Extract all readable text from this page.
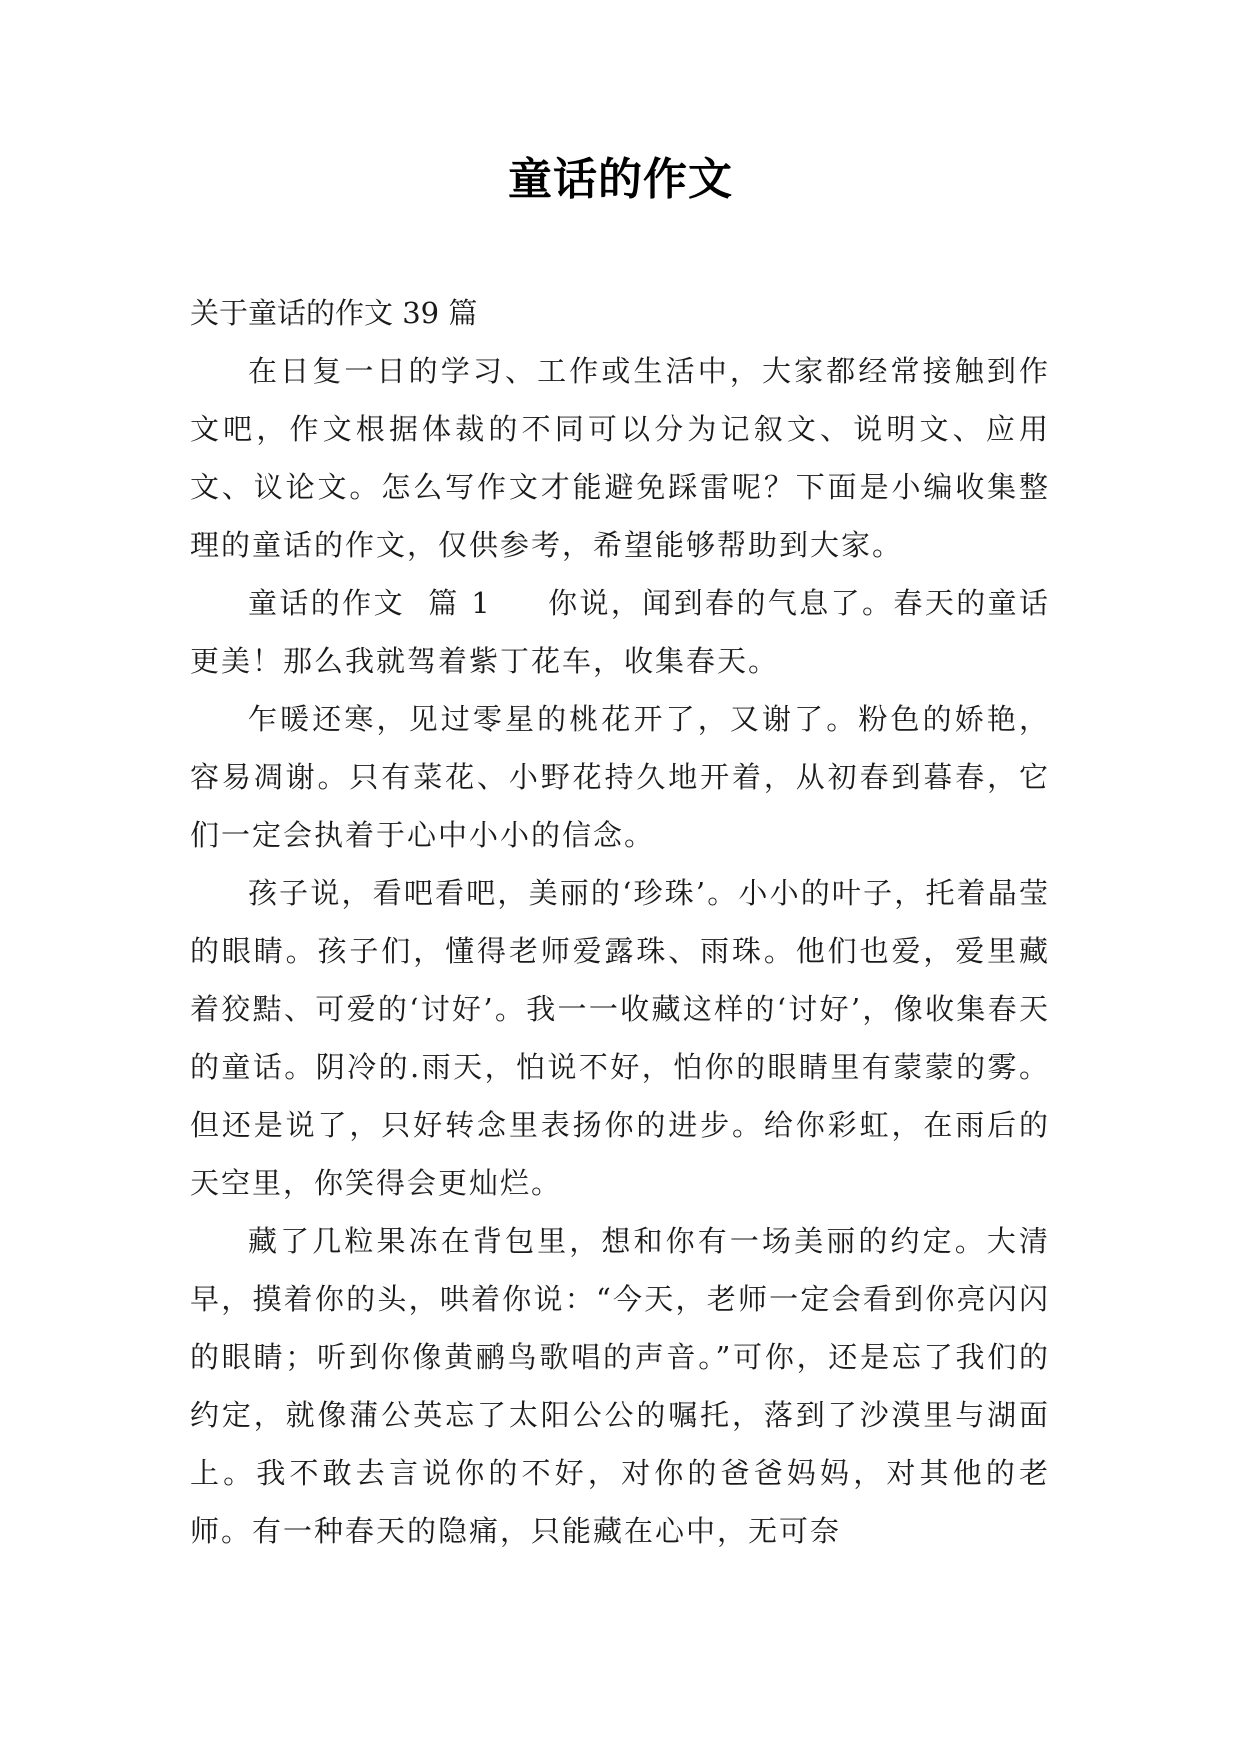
童话的作文

关于童话的作文 39 篇

在日复一日的学习、工作或生活中，大家都经常接触到作文吧，作文根据体裁的不同可以分为记叙文、说明文、应用文、议论文。怎么写作文才能避免踩雷呢？下面是小编收集整理的童话的作文，仅供参考，希望能够帮助到大家。

童话的作文 篇 1 你说，闻到春的气息了。春天的童话更美！那么我就驾着紫丁花车，收集春天。

乍暖还寒，见过零星的桃花开了，又谢了。粉色的娇艳，容易凋谢。只有菜花、小野花持久地开着，从初春到暮春，它们一定会执着于心中小小的信念。

孩子说，看吧看吧，美丽的‘珍珠’。小小的叶子，托着晶莹的眼睛。孩子们，懂得老师爱露珠、雨珠。他们也爱，爱里藏着狡黠、可爱的‘讨好’。我一一收藏这样的‘讨好’，像收集春天的童话。阴冷的.雨天，怕说不好，怕你的眼睛里有蒙蒙的雾。但还是说了，只好转念里表扬你的进步。给你彩虹，在雨后的天空里，你笑得会更灿烂。

藏了几粒果冻在背包里，想和你有一场美丽的约定。大清早，摸着你的头，哄着你说：“今天，老师一定会看到你亮闪闪的眼睛；听到你像黄鹂鸟歌唱的声音。”可你，还是忘了我们的约定，就像蒲公英忘了太阳公公的嘱托，落到了沙漠里与湖面上。我不敢去言说你的不好，对你的爸爸妈妈，对其他的老师。有一种春天的隐痛，只能藏在心中，无可奈
